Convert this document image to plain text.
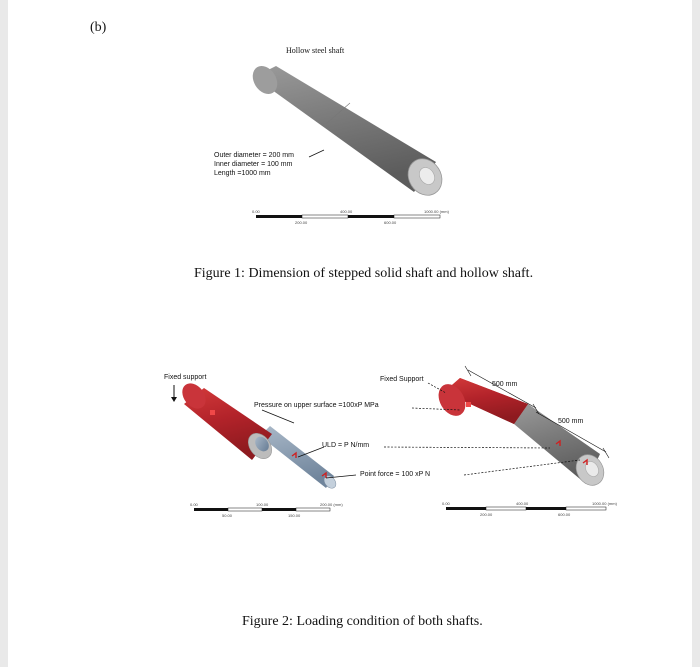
(b)
Hollow steel shaft
Outer diameter = 200 mm
Inner diameter = 100 mm
Length =1000 mm
0.00	400.00	1000.00 (mm)
200.00	600.00
Figure 1: Dimension of stepped solid shaft and hollow shaft.
Fixed support	Fixed Support
500 mm
500 mm
Pressure on upper surface =100xP MPa
ULD = P N/mm
Point force = 100 xP N
0.00	100.00	200.00 (mm)
50.00	150.00
0.00	400.00	1000.00 (mm)
200.00	600.00
Figure 2: Loading condition of both shafts.
